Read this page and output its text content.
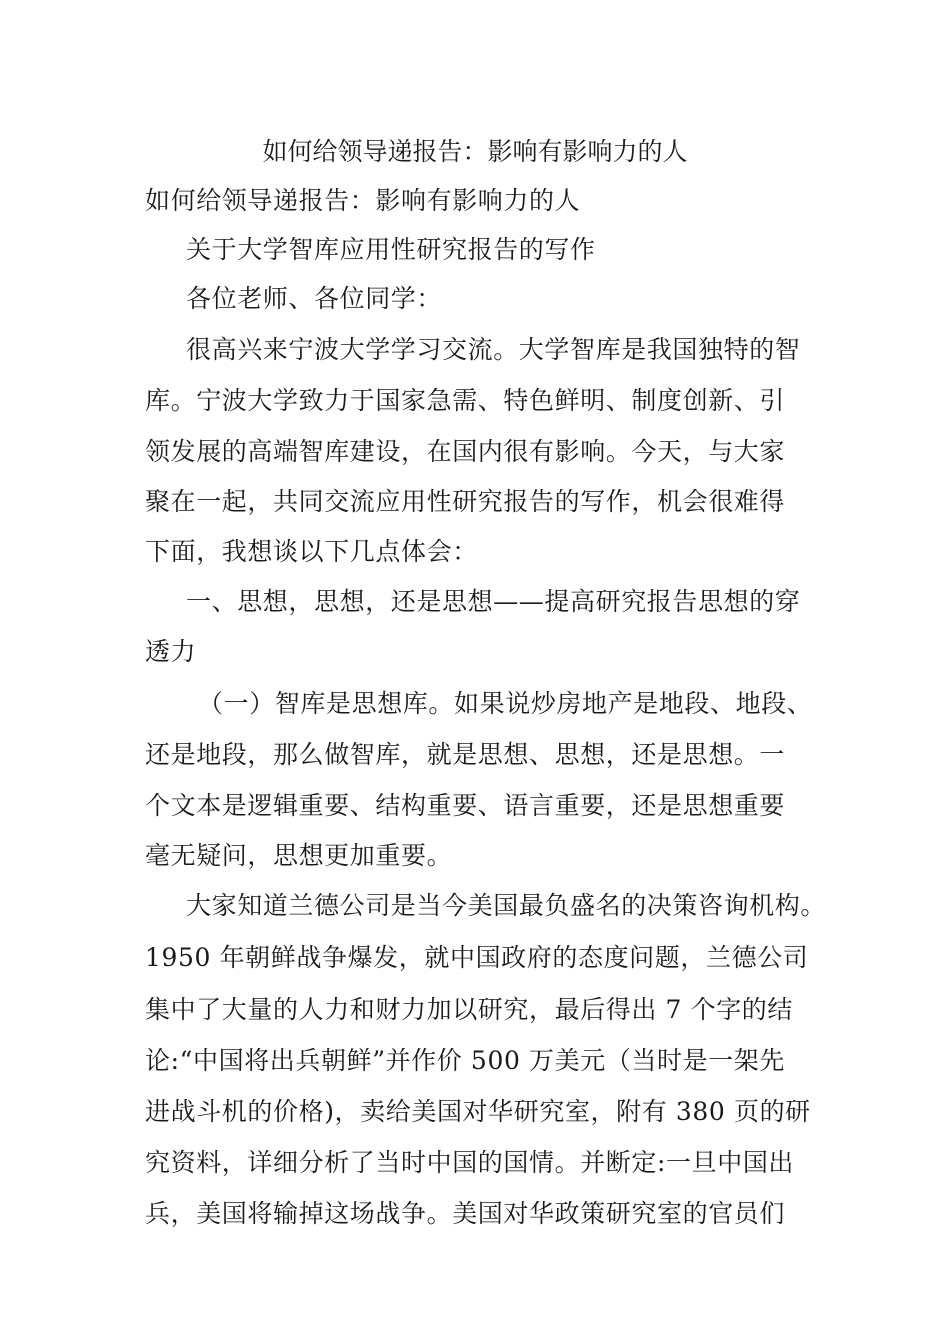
如何给领导递报告：影响有影响力的人
如何给领导递报告：影响有影响力的人
关于大学智库应用性研究报告的写作
各位老师、各位同学：
很高兴来宁波大学学习交流。大学智库是我国独特的智
库。宁波大学致力于国家急需、特色鲜明、制度创新、引
领发展的高端智库建设，在国内很有影响。今天，与大家
聚在一起，共同交流应用性研究报告的写作，机会很难得
下面，我想谈以下几点体会：
一、思想，思想，还是思想——提高研究报告思想的穿
透力
（一）智库是思想库。如果说炒房地产是地段、地段、
还是地段，那么做智库，就是思想、思想，还是思想。一
个文本是逻辑重要、结构重要、语言重要，还是思想重要
毫无疑问，思想更加重要。
大家知道兰德公司是当今美国最负盛名的决策咨询机构。
1950 年朝鲜战争爆发，就中国政府的态度问题，兰德公司
集中了大量的人力和财力加以研究，最后得出 7 个字的结
论:“中国将出兵朝鲜”并作价 500 万美元（当时是一架先
进战斗机的价格)，卖给美国对华研究室，附有 380 页的研
究资料，详细分析了当时中国的国情。并断定:一旦中国出
兵，美国将输掉这场战争。美国对华政策研究室的官员们
